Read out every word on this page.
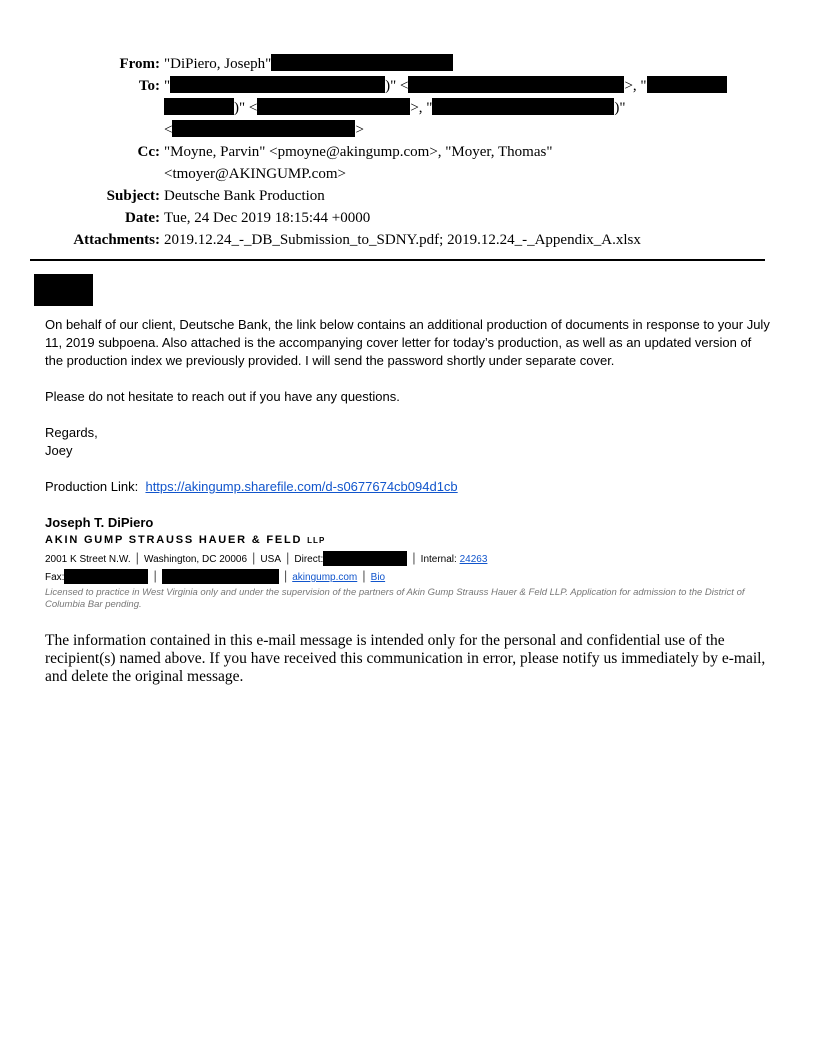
From: "DiPiero, Joseph"
To: "	)" <	>, "
)" <	>, "	)"
<	>
Cc: "Moyne, Parvin" <pmoyne@akingump.com>, "Moyer, Thomas"
<tmoyer@AKINGUMP.com>
Subject: Deutsche Bank Production
Date: Tue, 24 Dec 2019 18:15:44 +0000
Attachments: 2019.12.24_-_DB_Submission_to_SDNY.pdf; 2019.12.24_-_Appendix_A.xlsx

On behalf of our client, Deutsche Bank, the link below contains an additional production of documents in response to your July 11, 2019 subpoena. Also attached is the accompanying cover letter for today’s production, as well as an updated version of the production index we previously provided. I will send the password shortly under separate cover.

Please do not hesitate to reach out if you have any questions.

Regards,

Joey

Production Link: https://akingump.sharefile.com/d-s0677674cb094d1cb

Joseph T. DiPiero
AKIN GUMP STRAUSS HAUER & FELD LLP
2001 K Street N.W. | Washington, DC 20006 | USA | Direct:	| Internal: 24263
Fax:	|	| akingump.com | Bio
Licensed to practice in West Virginia only and under the supervision of the partners of Akin Gump Strauss Hauer & Feld LLP. Application for admission to the District of Columbia Bar pending.
The information contained in this e-mail message is intended only for the personal and confidential use of the recipient(s) named above. If you have received this communication in error, please notify us immediately by e-mail, and delete the original message.
